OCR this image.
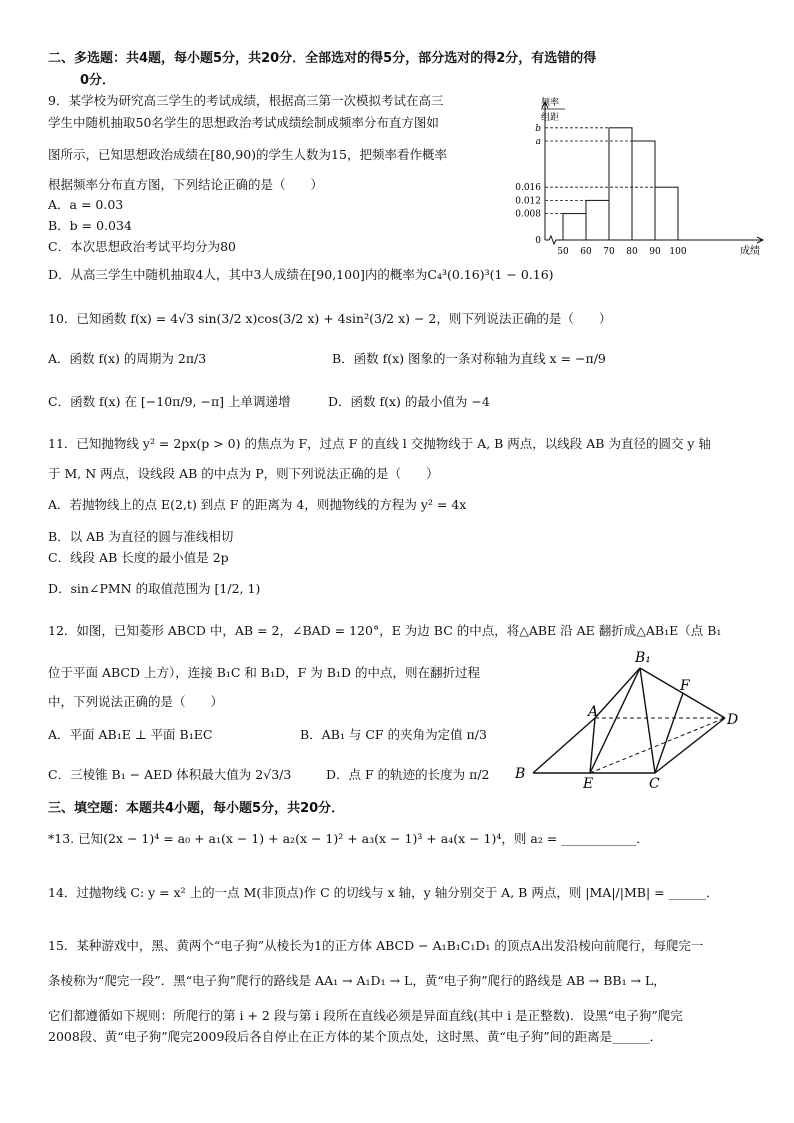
二、多选题：共4题，每小题5分，共20分．全部选对的得5分，部分选对的得2分，有选错的得
0分．
9．某学校为研究高三学生的考试成绩，根据高三第一次模拟考试在高三
学生中随机抽取50名学生的思想政治考试成绩绘制成频率分布直方图如
图所示，已知思想政治成绩在[80,90)的学生人数为15，把频率看作概率
根据频率分布直方图，下列结论正确的是（　　）
A．a = 0.03
B．b = 0.034
C．本次思想政治考试平均分为80
D．从高三学生中随机抽取4人，其中3人成绩在[90,100]内的概率为C₄³(0.16)³(1 − 0.16)
频率
组距
b
a
0.016
0.012
0.008
0
50 60 70 80 90 100	成绩
10．已知函数 f(x) = 4√3 sin(3/2 x)cos(3/2 x) + 4sin²(3/2 x) − 2，则下列说法正确的是（　　）
A．函数 f(x) 的周期为 2π/3	B．函数 f(x) 图象的一条对称轴为直线 x = −π/9
C．函数 f(x) 在 [−10π/9, −π] 上单调递增	D．函数 f(x) 的最小值为 −4
11．已知抛物线 y² = 2px(p > 0) 的焦点为 F，过点 F 的直线 l 交抛物线于 A, B 两点，以线段 AB 为直径的圆交 y 轴
于 M, N 两点，设线段 AB 的中点为 P，则下列说法正确的是（　　）
A．若抛物线上的点 E(2,t) 到点 F 的距离为 4，则抛物线的方程为 y² = 4x
B．以 AB 为直径的圆与准线相切
C．线段 AB 长度的最小值是 2p
D．sin∠PMN 的取值范围为 [1/2, 1)
12．如图，已知菱形 ABCD 中，AB = 2，∠BAD = 120°，E 为边 BC 的中点，将△ABE 沿 AE 翻折成△AB₁E（点 B₁
位于平面 ABCD 上方），连接 B₁C 和 B₁D，F 为 B₁D 的中点，则在翻折过程
中，下列说法正确的是（　　）
A．平面 AB₁E ⊥ 平面 B₁EC	B．AB₁ 与 CF 的夹角为定值 π/3
C．三棱锥 B₁ − AED 体积最大值为 2√3/3	D．点 F 的轨迹的长度为 π/2
B₁
A
F
D
B
E	C
三、填空题：本题共4小题，每小题5分，共20分．
*13. 已知(2x − 1)⁴ = a₀ + a₁(x − 1) + a₂(x − 1)² + a₃(x − 1)³ + a₄(x − 1)⁴，则 a₂ = ____________．
14．过抛物线 C: y = x² 上的一点 M(非顶点)作 C 的切线与 x 轴，y 轴分别交于 A, B 两点，则 |MA|/|MB| = ______．
15．某种游戏中，黑、黄两个“电子狗”从棱长为1的正方体 ABCD − A₁B₁C₁D₁ 的顶点A出发沿棱向前爬行，每爬完一
条棱称为“爬完一段”．黑“电子狗”爬行的路线是 AA₁ → A₁D₁ → L，黄“电子狗”爬行的路线是 AB → BB₁ → L，
它们都遵循如下规则：所爬行的第 i + 2 段与第 i 段所在直线必须是异面直线(其中 i 是正整数)．设黑“电子狗”爬完
2008段、黄“电子狗”爬完2009段后各自停止在正方体的某个顶点处，这时黑、黄“电子狗”间的距离是______．
